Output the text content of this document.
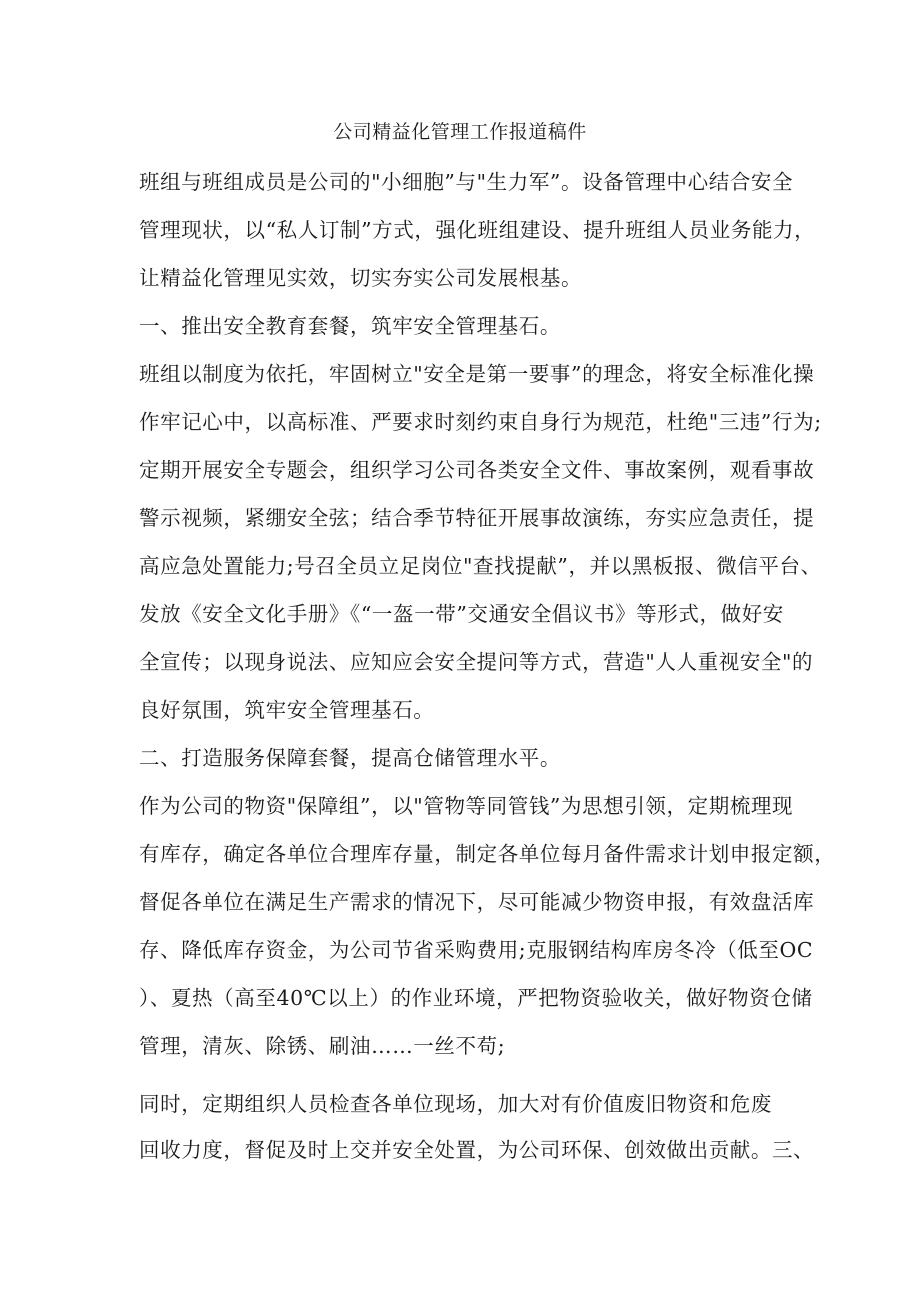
公司精益化管理工作报道稿件
班组与班组成员是公司的"小细胞”与"生力军”。设备管理中心结合安全
管理现状，以“私人订制”方式，强化班组建设、提升班组人员业务能力，
让精益化管理见实效，切实夯实公司发展根基。
一、推出安全教育套餐，筑牢安全管理基石。
班组以制度为依托，牢固树立"安全是第一要事”的理念，将安全标准化操
作牢记心中，以高标准、严要求时刻约束自身行为规范，杜绝"三违”行为;
定期开展安全专题会，组织学习公司各类安全文件、事故案例，观看事故
警示视频，紧绷安全弦；结合季节特征开展事故演练，夯实应急责任，提
高应急处置能力;号召全员立足岗位"查找提献”，并以黑板报、微信平台、
发放《安全文化手册》《“一盔一带”交通安全倡议书》等形式，做好安
全宣传；以现身说法、应知应会安全提问等方式，营造"人人重视安全"的
良好氛围，筑牢安全管理基石。
二、打造服务保障套餐，提高仓储管理水平。
作为公司的物资"保障组”，以"管物等同管钱”为思想引领，定期梳理现
有库存，确定各单位合理库存量，制定各单位每月备件需求计划申报定额，
督促各单位在满足生产需求的情况下，尽可能减少物资申报，有效盘活库
存、降低库存资金，为公司节省采购费用;克服钢结构库房冬冷（低至OC
）、夏热（高至40℃以上）的作业环境，严把物资验收关，做好物资仓储
管理，清灰、除锈、刷油……一丝不苟;
同时，定期组织人员检查各单位现场，加大对有价值废旧物资和危废
回收力度，督促及时上交并安全处置，为公司环保、创效做出贡献。三、
